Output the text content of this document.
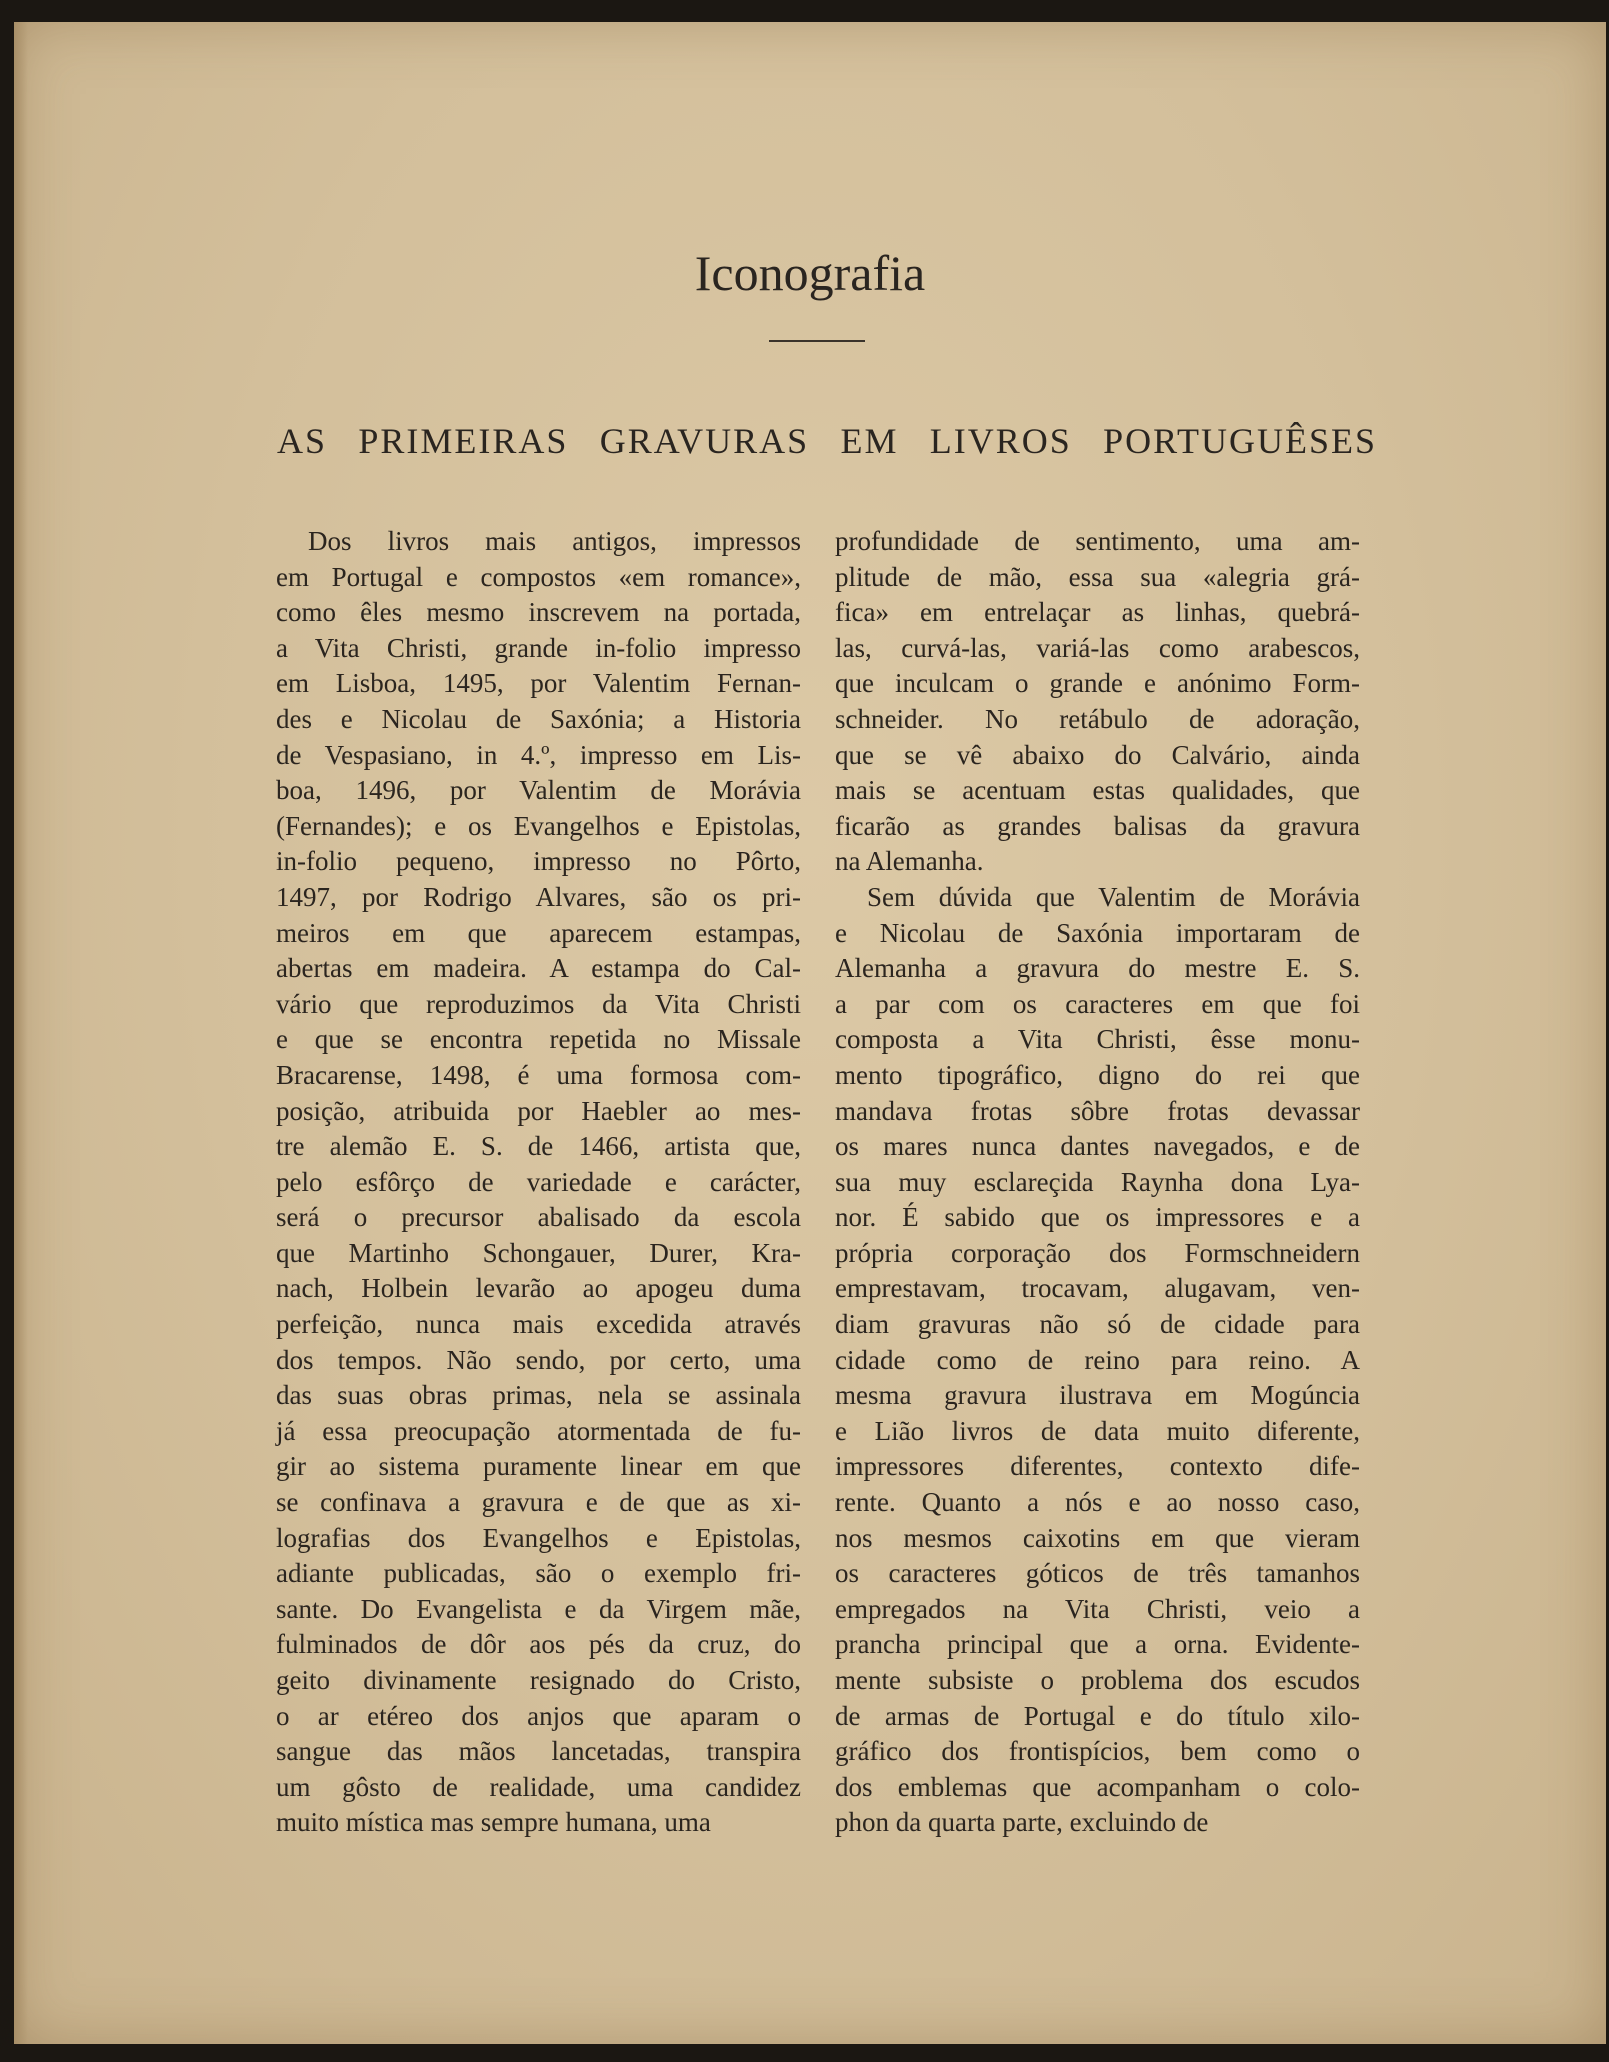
Iconografia
AS PRIMEIRAS GRAVURAS EM LIVROS PORTUGUÊSES
Dos livros mais antigos, impressos
em Portugal e compostos «em romance»,
como êles mesmo inscrevem na portada,
a Vita Christi, grande in-folio impresso
em Lisboa, 1495, por Valentim Fernan-
des e Nicolau de Saxónia; a Historia
de Vespasiano, in 4.º, impresso em Lis-
boa, 1496, por Valentim de Morávia
(Fernandes); e os Evangelhos e Epistolas,
in-folio pequeno, impresso no Pôrto,
1497, por Rodrigo Alvares, são os pri-
meiros em que aparecem estampas,
abertas em madeira. A estampa do Cal-
vário que reproduzimos da Vita Christi
e que se encontra repetida no Missale
Bracarense, 1498, é uma formosa com-
posição, atribuida por Haebler ao mes-
tre alemão E. S. de 1466, artista que,
pelo esfôrço de variedade e carácter,
será o precursor abalisado da escola
que Martinho Schongauer, Durer, Kra-
nach, Holbein levarão ao apogeu duma
perfeição, nunca mais excedida através
dos tempos. Não sendo, por certo, uma
das suas obras primas, nela se assinala
já essa preocupação atormentada de fu-
gir ao sistema puramente linear em que
se confinava a gravura e de que as xi-
lografias dos Evangelhos e Epistolas,
adiante publicadas, são o exemplo fri-
sante. Do Evangelista e da Virgem mãe,
fulminados de dôr aos pés da cruz, do
geito divinamente resignado do Cristo,
o ar etéreo dos anjos que aparam o
sangue das mãos lancetadas, transpira
um gôsto de realidade, uma candidez
muito mística mas sempre humana, uma
profundidade de sentimento, uma am-
plitude de mão, essa sua «alegria grá-
fica» em entrelaçar as linhas, quebrá-
las, curvá-las, variá-las como arabescos,
que inculcam o grande e anónimo Form-
schneider. No retábulo de adoração,
que se vê abaixo do Calvário, ainda
mais se acentuam estas qualidades, que
ficarão as grandes balisas da gravura
na Alemanha.
Sem dúvida que Valentim de Morávia
e Nicolau de Saxónia importaram de
Alemanha a gravura do mestre E. S.
a par com os caracteres em que foi
composta a Vita Christi, êsse monu-
mento tipográfico, digno do rei que
mandava frotas sôbre frotas devassar
os mares nunca dantes navegados, e de
sua muy esclareçida Raynha dona Lya-
nor. É sabido que os impressores e a
própria corporação dos Formschneidern
emprestavam, trocavam, alugavam, ven-
diam gravuras não só de cidade para
cidade como de reino para reino. A
mesma gravura ilustrava em Mogúncia
e Lião livros de data muito diferente,
impressores diferentes, contexto dife-
rente. Quanto a nós e ao nosso caso,
nos mesmos caixotins em que vieram
os caracteres góticos de três tamanhos
empregados na Vita Christi, veio a
prancha principal que a orna. Evidente-
mente subsiste o problema dos escudos
de armas de Portugal e do título xilo-
gráfico dos frontispícios, bem como o
dos emblemas que acompanham o colo-
phon da quarta parte, excluindo de
